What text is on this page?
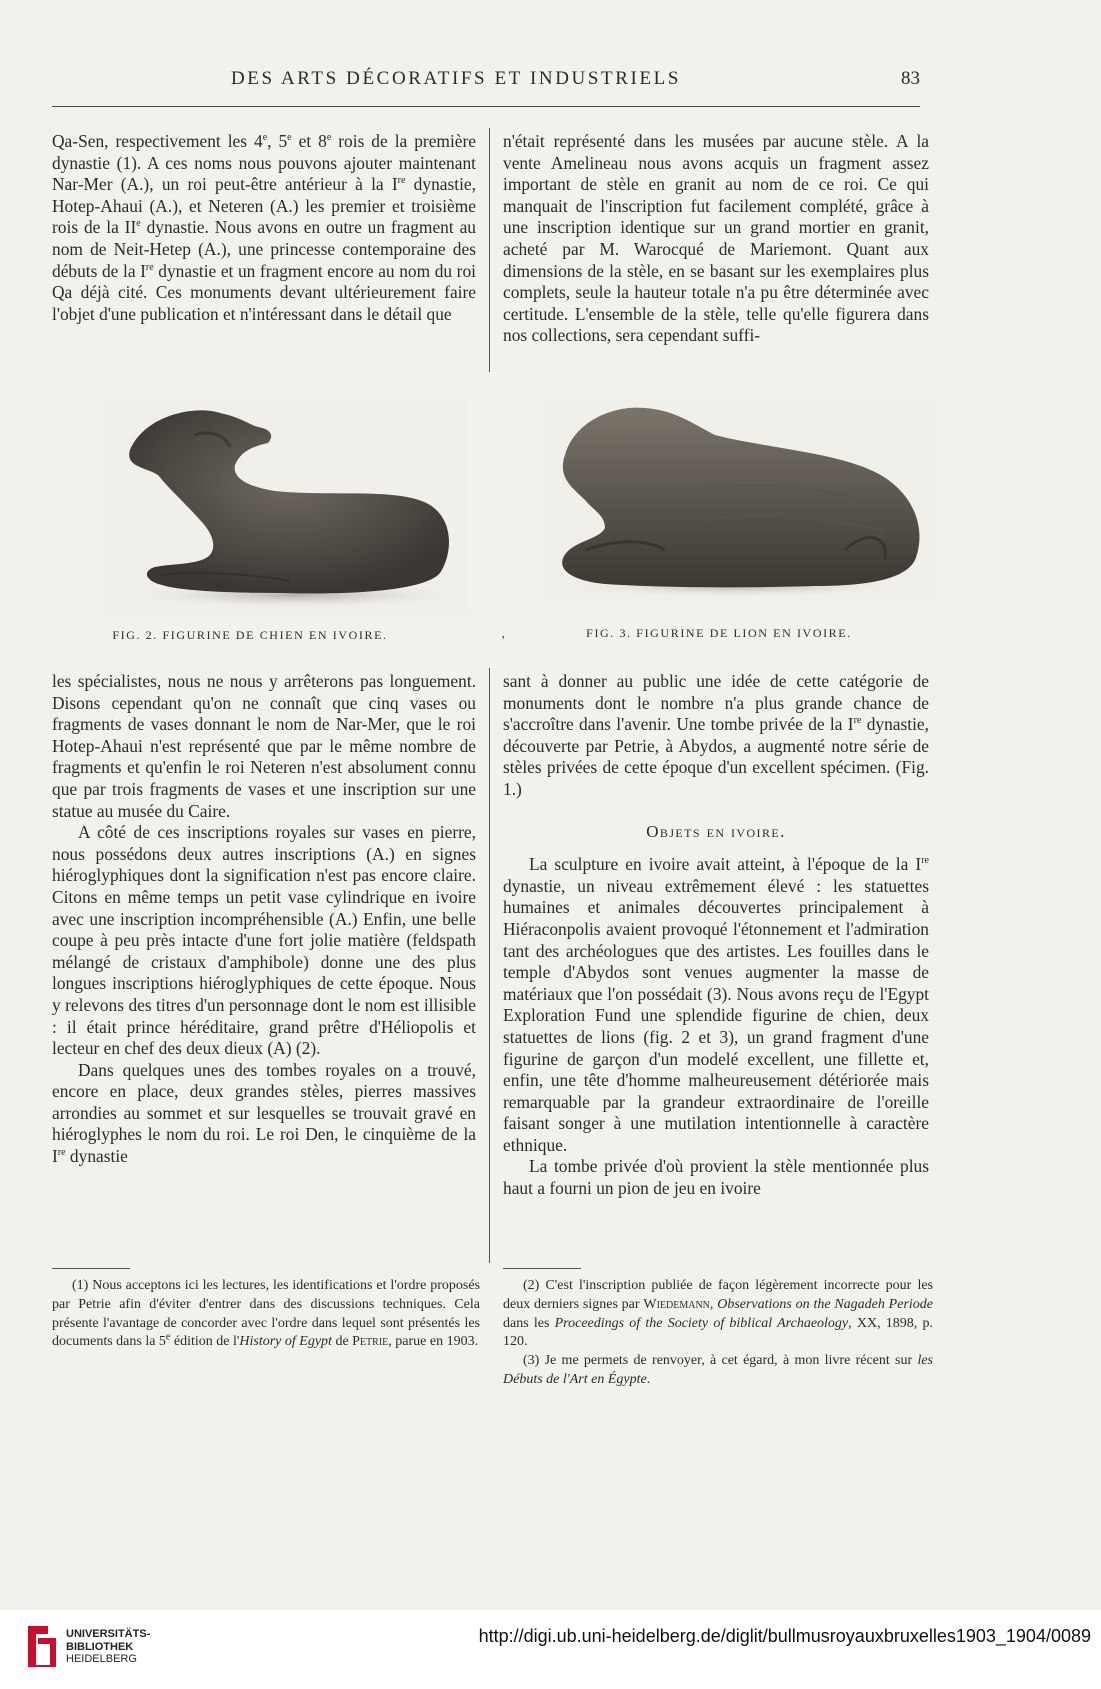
DES ARTS DÉCORATIFS ET INDUSTRIELS	83

Qa-Sen, respectivement les 4e, 5e et 8e rois de la première dynastie (1). A ces noms nous pouvons ajouter maintenant Nar-Mer (A.), un roi peut-être antérieur à la Ire dynastie, Hotep-Ahaui (A.), et Neteren (A.) les premier et troisième rois de la IIe dynastie. Nous avons en outre un fragment au nom de Neit-Hetep (A.), une princesse contemporaine des débuts de la Ire dynastie et un fragment encore au nom du roi Qa déjà cité. Ces monuments devant ultérieurement faire l'objet d'une publication et n'intéressant dans le détail que

n'était représenté dans les musées par aucune stèle. A la vente Amelineau nous avons acquis un fragment assez important de stèle en granit au nom de ce roi. Ce qui manquait de l'inscription fut facilement complété, grâce à une inscription identique sur un grand mortier en granit, acheté par M. Warocqué de Mariemont. Quant aux dimensions de la stèle, en se basant sur les exemplaires plus complets, seule la hauteur totale n'a pu être déterminée avec certitude. L'ensemble de la stèle, telle qu'elle figurera dans nos collections, sera cependant suffi-

FIG. 2. FIGURINE DE CHIEN EN IVOIRE.	,	FIG. 3. FIGURINE DE LION EN IVOIRE.

les spécialistes, nous ne nous y arrêterons pas longuement. Disons cependant qu'on ne connaît que cinq vases ou fragments de vases donnant le nom de Nar-Mer, que le roi Hotep-Ahaui n'est représenté que par le même nombre de fragments et qu'enfin le roi Neteren n'est absolument connu que par trois fragments de vases et une inscription sur une statue au musée du Caire.

A côté de ces inscriptions royales sur vases en pierre, nous possédons deux autres inscriptions (A.) en signes hiéroglyphiques dont la signification n'est pas encore claire. Citons en même temps un petit vase cylindrique en ivoire avec une inscription incompréhensible (A.) Enfin, une belle coupe à peu près intacte d'une fort jolie matière (feldspath mélangé de cristaux d'amphibole) donne une des plus longues inscriptions hiéroglyphiques de cette époque. Nous y relevons des titres d'un personnage dont le nom est illisible : il était prince héréditaire, grand prêtre d'Héliopolis et lecteur en chef des deux dieux (A) (2).

Dans quelques unes des tombes royales on a trouvé, encore en place, deux grandes stèles, pierres massives arrondies au sommet et sur lesquelles se trouvait gravé en hiéroglyphes le nom du roi. Le roi Den, le cinquième de la Ire dynastie

sant à donner au public une idée de cette catégorie de monuments dont le nombre n'a plus grande chance de s'accroître dans l'avenir. Une tombe privée de la Ire dynastie, découverte par Petrie, à Abydos, a augmenté notre série de stèles privées de cette époque d'un excellent spécimen. (Fig. 1.)

Objets en ivoire.

La sculpture en ivoire avait atteint, à l'époque de la Ire dynastie, un niveau extrêmement élevé : les statuettes humaines et animales découvertes principalement à Hiéraconpolis avaient provoqué l'étonnement et l'admiration tant des archéologues que des artistes. Les fouilles dans le temple d'Abydos sont venues augmenter la masse de matériaux que l'on possédait (3). Nous avons reçu de l'Egypt Exploration Fund une splendide figurine de chien, deux statuettes de lions (fig. 2 et 3), un grand fragment d'une figurine de garçon d'un modelé excellent, une fillette et, enfin, une tête d'homme malheureusement détériorée mais remarquable par la grandeur extraordinaire de l'oreille faisant songer à une mutilation intentionnelle à caractère ethnique.

La tombe privée d'où provient la stèle mentionnée plus haut a fourni un pion de jeu en ivoire

(1) Nous acceptons ici les lectures, les identifications et l'ordre proposés par Petrie afin d'éviter d'entrer dans des discussions techniques. Cela présente l'avantage de concorder avec l'ordre dans lequel sont présentés les documents dans la 5e édition de l'History of Egypt de Petrie, parue en 1903.

(2) C'est l'inscription publiée de façon légèrement incorrecte pour les deux derniers signes par Wiedemann, Observations on the Nagadeh Periode dans les Proceedings of the Society of biblical Archaeology, XX, 1898, p. 120.

(3) Je me permets de renvoyer, à cet égard, à mon livre récent sur les Débuts de l'Art en Égypte.

UNIVERSITÄTS-
BIBLIOTHEK
HEIDELBERG
http://digi.ub.uni-heidelberg.de/diglit/bullmusroyauxbruxelles1903_1904/0089
